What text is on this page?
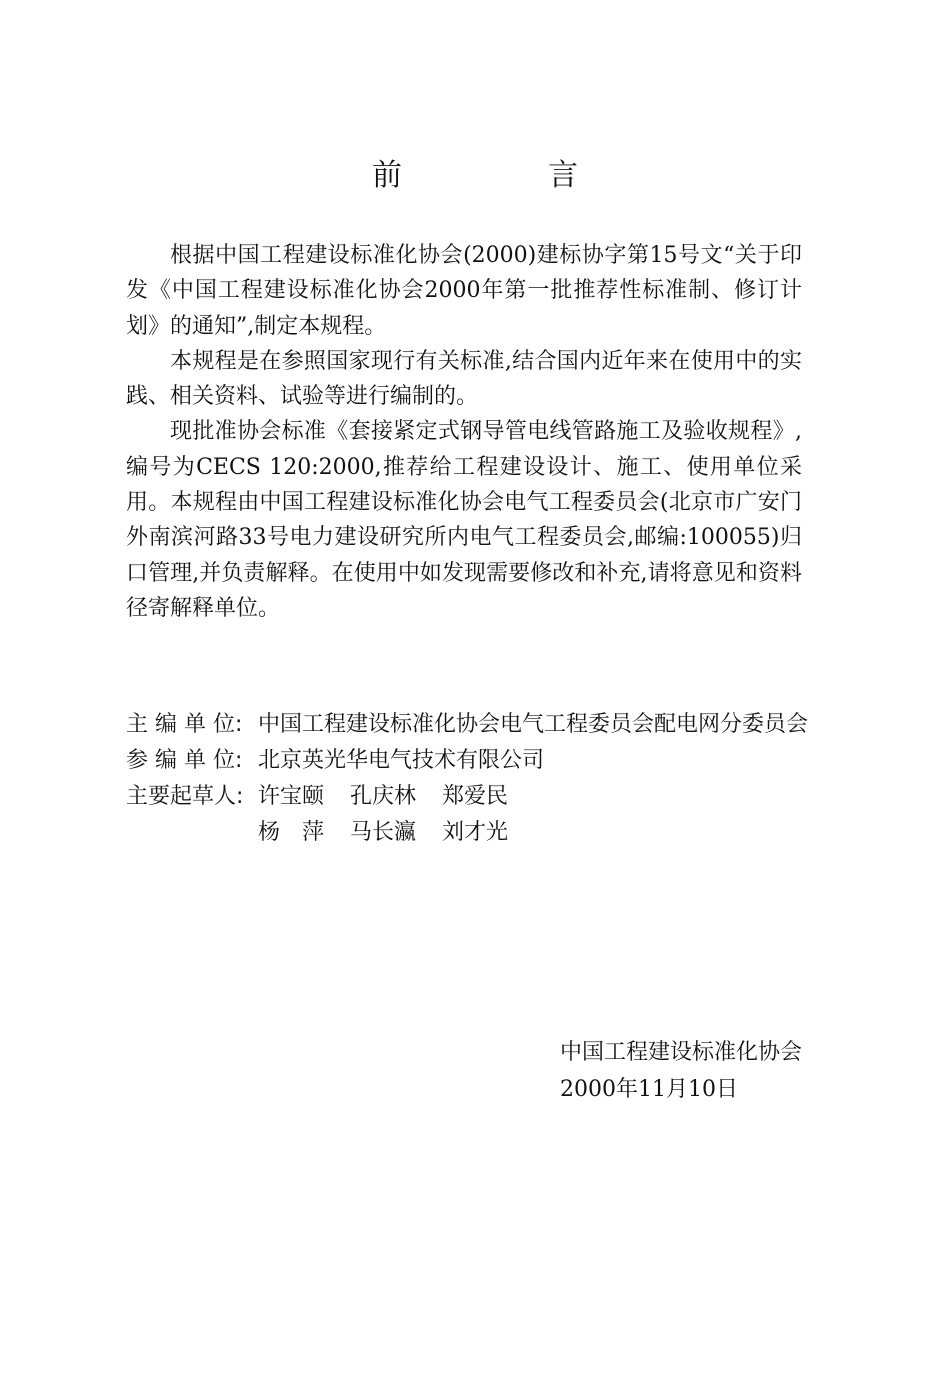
前　言

根据中国工程建设标准化协会(2000)建标协字第15号文“关于印发《中国工程建设标准化协会2000年第一批推荐性标准制、修订计划》的通知”,制定本规程。

本规程是在参照国家现行有关标准,结合国内近年来在使用中的实践、相关资料、试验等进行编制的。

现批准协会标准《套接紧定式钢导管电线管路施工及验收规程》,编号为CECS 120:2000,推荐给工程建设设计、施工、使用单位采用。本规程由中国工程建设标准化协会电气工程委员会(北京市广安门外南滨河路33号电力建设研究所内电气工程委员会,邮编:100055)归口管理,并负责解释。在使用中如发现需要修改和补充,请将意见和资料径寄解释单位。

主 编 单 位: 中国工程建设标准化协会电气工程委员会配电网分委员会
参 编 单 位: 北京英光华电气技术有限公司
主要起草人: 许宝颐 孔庆林 郑爱民
杨萍 马长瀛 刘才光
中国工程建设标准化协会
2000年11月10日
